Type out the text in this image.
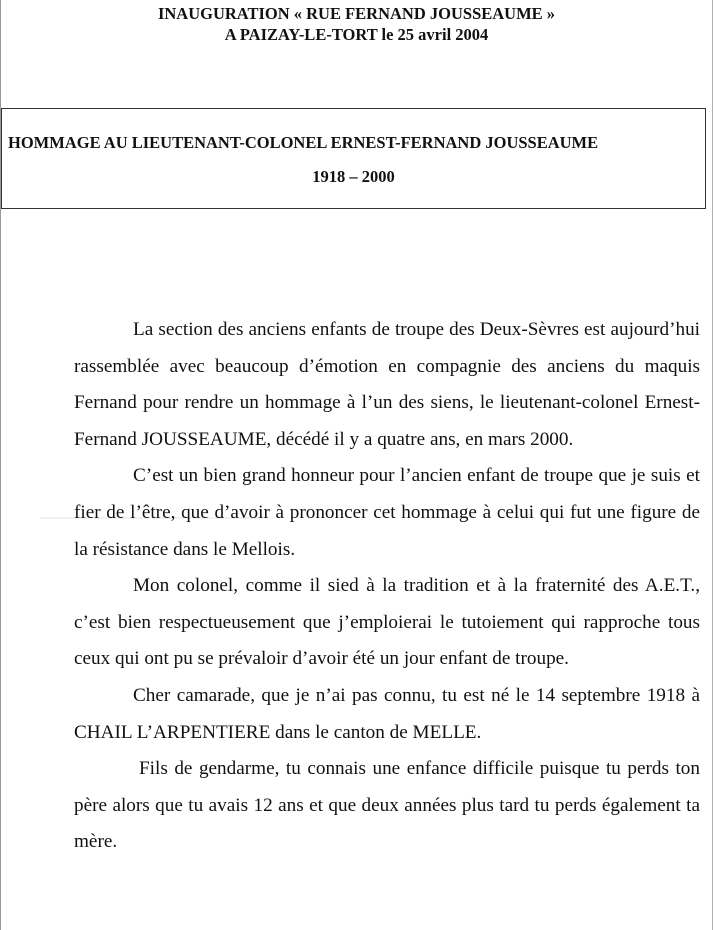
INAUGURATION « RUE FERNAND JOUSSEAUME »
A PAIZAY-LE-TORT le 25 avril 2004
HOMMAGE AU LIEUTENANT-COLONEL ERNEST-FERNAND JOUSSEAUME
1918 – 2000

La section des anciens enfants de troupe des Deux-Sèvres est aujourd’hui rassemblée avec beaucoup d’émotion en compagnie des anciens du maquis Fernand pour rendre un hommage à l’un des siens, le lieutenant-colonel Ernest-Fernand JOUSSEAUME, décédé il y a quatre ans, en mars 2000.

C’est un bien grand honneur pour l’ancien enfant de troupe que je suis et fier de l’être, que d’avoir à prononcer cet hommage à celui qui fut une figure de la résistance dans le Mellois.

Mon colonel, comme il sied à la tradition et à la fraternité des A.E.T., c’est bien respectueusement que j’emploierai le tutoiement qui rapproche tous ceux qui ont pu se prévaloir d’avoir été un jour enfant de troupe.

Cher camarade, que je n’ai pas connu, tu est né le 14 septembre 1918 à CHAIL L’ARPENTIERE dans le canton de MELLE.

Fils de gendarme, tu connais une enfance difficile puisque tu perds ton père alors que tu avais 12 ans et que deux années plus tard tu perds également ta mère.
